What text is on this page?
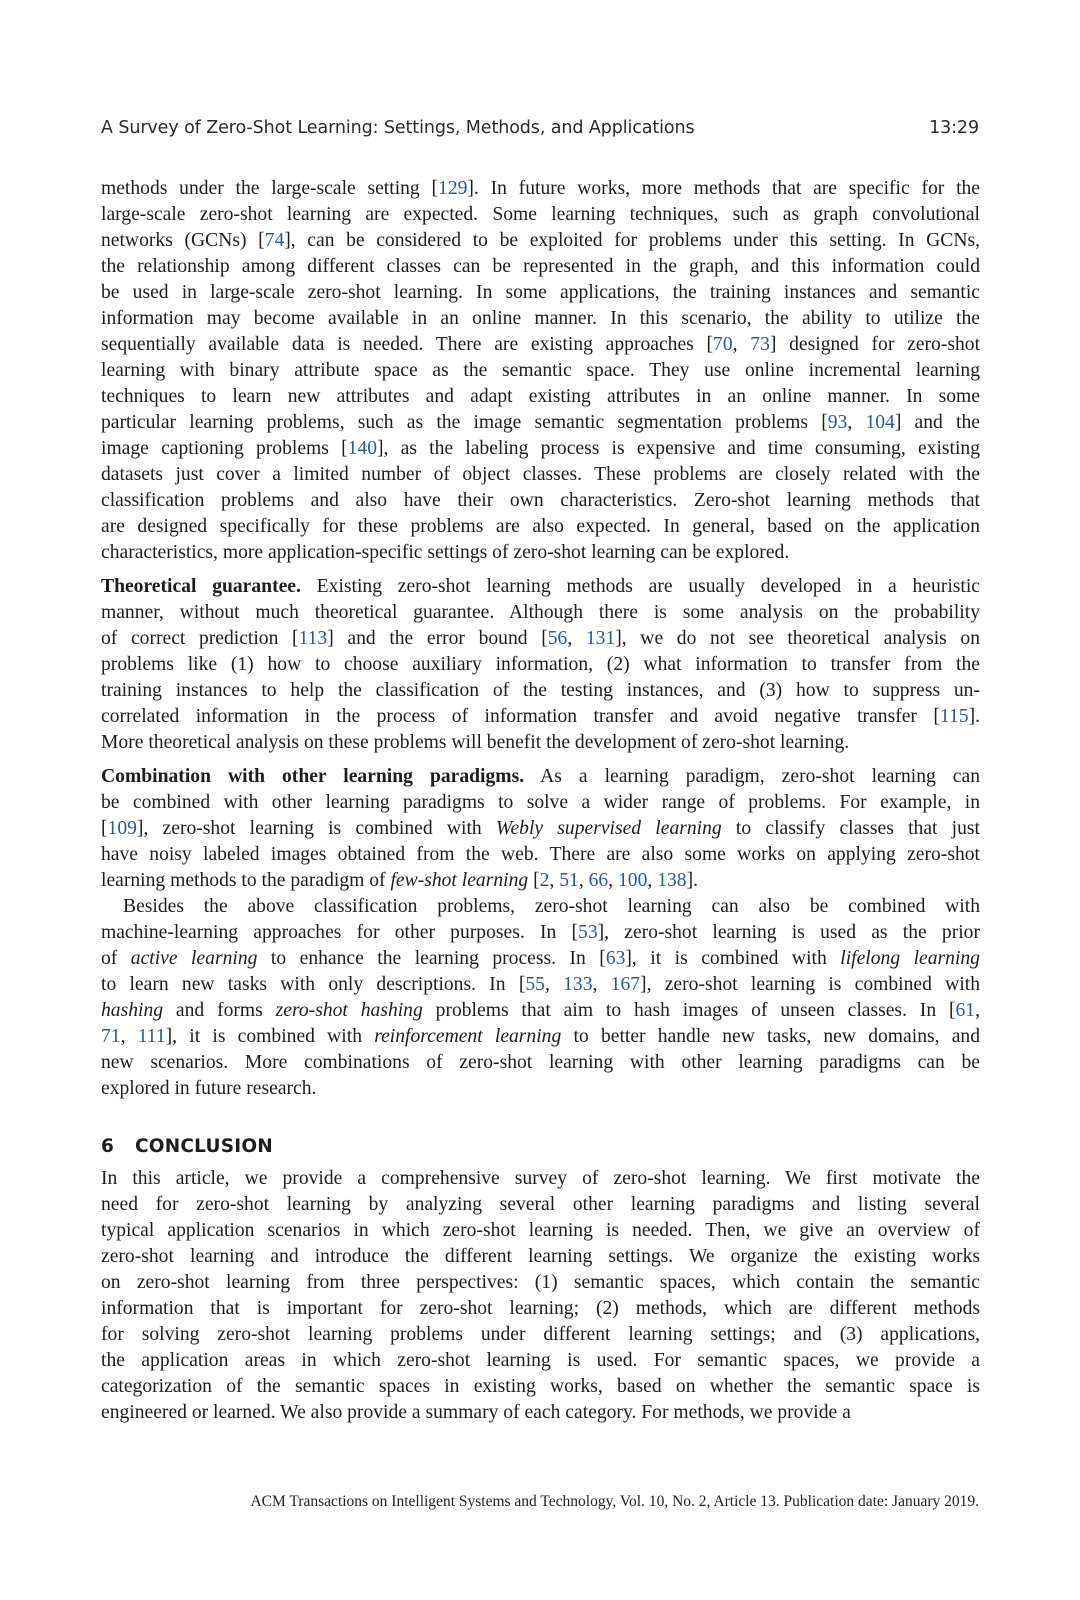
A Survey of Zero-Shot Learning: Settings, Methods, and Applications	13:29
methods under the large-scale setting [129]. In future works, more methods that are specific for the
large-scale zero-shot learning are expected. Some learning techniques, such as graph convolutional
networks (GCNs) [74], can be considered to be exploited for problems under this setting. In GCNs,
the relationship among different classes can be represented in the graph, and this information could
be used in large-scale zero-shot learning. In some applications, the training instances and semantic
information may become available in an online manner. In this scenario, the ability to utilize the
sequentially available data is needed. There are existing approaches [70, 73] designed for zero-shot
learning with binary attribute space as the semantic space. They use online incremental learning
techniques to learn new attributes and adapt existing attributes in an online manner. In some
particular learning problems, such as the image semantic segmentation problems [93, 104] and the
image captioning problems [140], as the labeling process is expensive and time consuming, existing
datasets just cover a limited number of object classes. These problems are closely related with the
classification problems and also have their own characteristics. Zero-shot learning methods that
are designed specifically for these problems are also expected. In general, based on the application
characteristics, more application-specific settings of zero-shot learning can be explored.
Theoretical guarantee. Existing zero-shot learning methods are usually developed in a heuristic
manner, without much theoretical guarantee. Although there is some analysis on the probability
of correct prediction [113] and the error bound [56, 131], we do not see theoretical analysis on
problems like (1) how to choose auxiliary information, (2) what information to transfer from the
training instances to help the classification of the testing instances, and (3) how to suppress un-
correlated information in the process of information transfer and avoid negative transfer [115].
More theoretical analysis on these problems will benefit the development of zero-shot learning.
Combination with other learning paradigms. As a learning paradigm, zero-shot learning can
be combined with other learning paradigms to solve a wider range of problems. For example, in
[109], zero-shot learning is combined with Webly supervised learning to classify classes that just
have noisy labeled images obtained from the web. There are also some works on applying zero-shot
learning methods to the paradigm of few-shot learning [2, 51, 66, 100, 138].
Besides the above classification problems, zero-shot learning can also be combined with
machine-learning approaches for other purposes. In [53], zero-shot learning is used as the prior
of active learning to enhance the learning process. In [63], it is combined with lifelong learning
to learn new tasks with only descriptions. In [55, 133, 167], zero-shot learning is combined with
hashing and forms zero-shot hashing problems that aim to hash images of unseen classes. In [61,
71, 111], it is combined with reinforcement learning to better handle new tasks, new domains, and
new scenarios. More combinations of zero-shot learning with other learning paradigms can be
explored in future research.
6 CONCLUSION
In this article, we provide a comprehensive survey of zero-shot learning. We first motivate the
need for zero-shot learning by analyzing several other learning paradigms and listing several
typical application scenarios in which zero-shot learning is needed. Then, we give an overview of
zero-shot learning and introduce the different learning settings. We organize the existing works
on zero-shot learning from three perspectives: (1) semantic spaces, which contain the semantic
information that is important for zero-shot learning; (2) methods, which are different methods
for solving zero-shot learning problems under different learning settings; and (3) applications,
the application areas in which zero-shot learning is used. For semantic spaces, we provide a
categorization of the semantic spaces in existing works, based on whether the semantic space is
engineered or learned. We also provide a summary of each category. For methods, we provide a
ACM Transactions on Intelligent Systems and Technology, Vol. 10, No. 2, Article 13. Publication date: January 2019.
